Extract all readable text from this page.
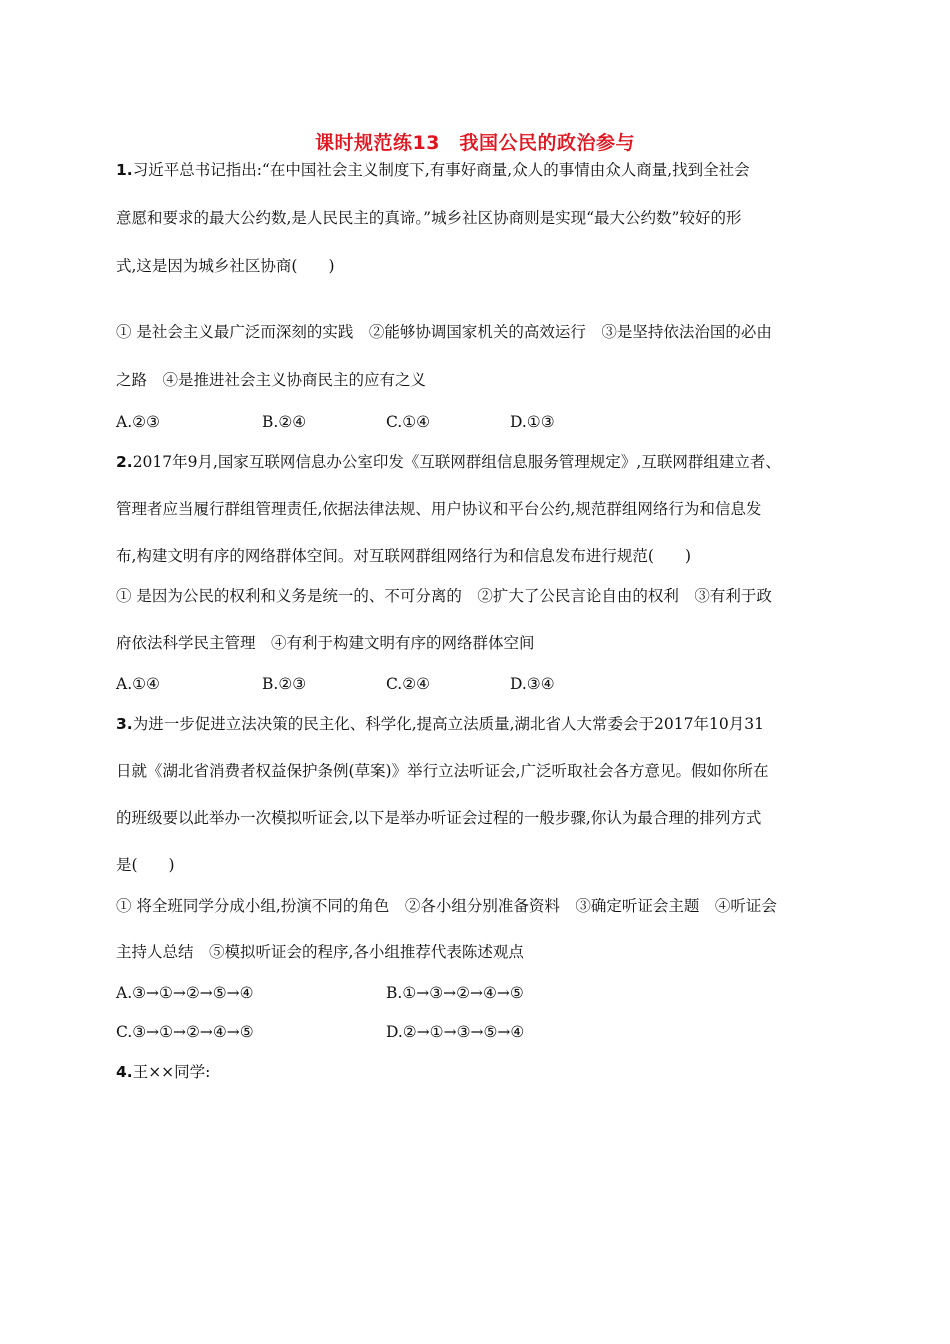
课时规范练13　我国公民的政治参与
1.习近平总书记指出:“在中国社会主义制度下,有事好商量,众人的事情由众人商量,找到全社会
意愿和要求的最大公约数,是人民民主的真谛。”城乡社区协商则是实现“最大公约数”较好的形
式,这是因为城乡社区协商(　　)
① 是社会主义最广泛而深刻的实践　②能够协调国家机关的高效运行　③是坚持依法治国的必由
之路　④是推进社会主义协商民主的应有之义
A.②③	B.②④	C.①④	D.①③
2.2017年9月,国家互联网信息办公室印发《互联网群组信息服务管理规定》,互联网群组建立者、
管理者应当履行群组管理责任,依据法律法规、用户协议和平台公约,规范群组网络行为和信息发
布,构建文明有序的网络群体空间。对互联网群组网络行为和信息发布进行规范(　　)
① 是因为公民的权利和义务是统一的、不可分离的　②扩大了公民言论自由的权利　③有利于政
府依法科学民主管理　④有利于构建文明有序的网络群体空间
A.①④	B.②③	C.②④	D.③④
3.为进一步促进立法决策的民主化、科学化,提高立法质量,湖北省人大常委会于2017年10月31
日就《湖北省消费者权益保护条例(草案)》举行立法听证会,广泛听取社会各方意见。假如你所在
的班级要以此举办一次模拟听证会,以下是举办听证会过程的一般步骤,你认为最合理的排列方式
是(　　)
① 将全班同学分成小组,扮演不同的角色　②各小组分别准备资料　③确定听证会主题　④听证会
主持人总结　⑤模拟听证会的程序,各小组推荐代表陈述观点
A.③→①→②→⑤→④	B.①→③→②→④→⑤
C.③→①→②→④→⑤	D.②→①→③→⑤→④
4.王××同学:
